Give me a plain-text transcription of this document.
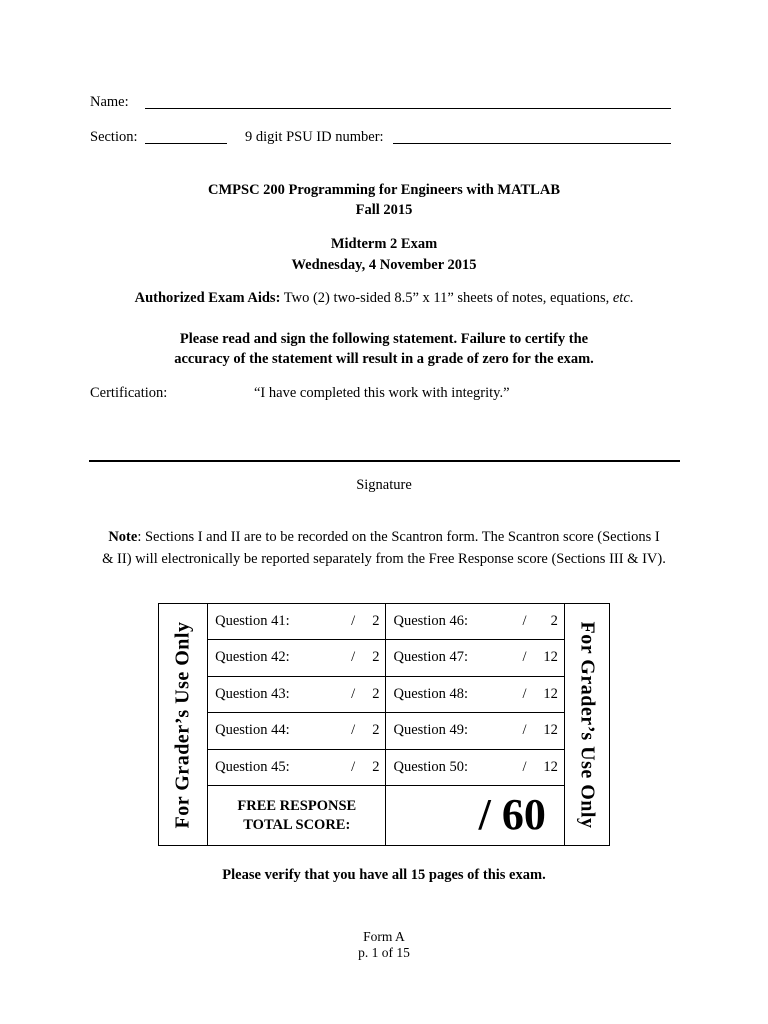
Name:
Section:	9 digit PSU ID number:
CMPSC 200 Programming for Engineers with MATLAB
Fall 2015
Midterm 2 Exam
Wednesday, 4 November 2015
Authorized Exam Aids: Two (2) two-sided 8.5” x 11” sheets of notes, equations, etc.
Please read and sign the following statement. Failure to certify the
accuracy of the statement will result in a grade of zero for the exam.
Certification:	“I have completed this work with integrity.”
Signature
Note: Sections I and II are to be recorded on the Scantron form. The Scantron score (Sections I
& II) will electronically be reported separately from the Free Response score (Sections III & IV).
For Grader’s Use Only	Question 41: / 2	Question 46: / 2	For Grader’s Use Only

	Question 42: / 2	Question 47: / 12	

	Question 43: / 2	Question 48: / 12	

	Question 44: / 2	Question 49: / 12	

	Question 45: / 2	Question 50: / 12	

	FREE RESPONSE
TOTAL SCORE:	/ 60	
Please verify that you have all 15 pages of this exam.
Form A
p. 1 of 15
